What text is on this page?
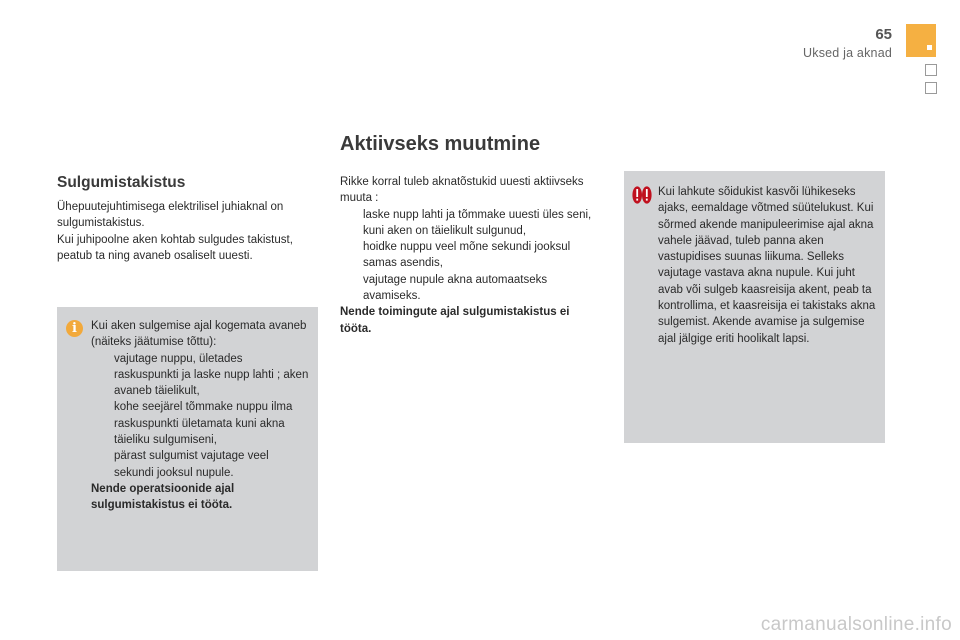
65
Uksed ja aknad
Aktiivseks muutmine
Sulgumistakistus

Ühepuutejuhtimisega elektrilisel juhiaknal on sulgumistakistus.

Kui juhipoolne aken kohtab sulgudes takistust, peatub ta ning avaneb osaliselt uuesti.

Rikke korral tuleb aknatõstukid uuesti aktiivseks muuta :

laske nupp lahti ja tõmmake uuesti üles seni, kuni aken on täielikult sulgunud,
hoidke nuppu veel mõne sekundi jooksul samas asendis,
vajutage nupule akna automaatseks avamiseks.

Nende toimingute ajal sulgumistakistus ei tööta.

i	Kui aken sulgemise ajal kogemata avaneb (näiteks jäätumise tõttu):

vajutage nuppu, ületades raskuspunkti ja laske nupp lahti ; aken avaneb täielikult,
kohe seejärel tõmmake nuppu ilma raskuspunkti ületamata kuni akna täieliku sulgumiseni,
pärast sulgumist vajutage veel sekundi jooksul nupule.

Nende operatsioonide ajal sulgumistakistus ei tööta.

Kui lahkute sõidukist kasvõi lühikeseks ajaks, eemaldage võtmed süütelukust. Kui sõrmed akende manipuleerimise ajal akna vahele jäävad, tuleb panna aken vastupidises suunas liikuma. Selleks vajutage vastava akna nupule. Kui juht avab või sulgeb kaasreisija akent, peab ta kontrollima, et kaasreisija ei takistaks akna sulgemist. Akende avamise ja sulgemise ajal jälgige eriti hoolikalt lapsi.

carmanualsonline.info
